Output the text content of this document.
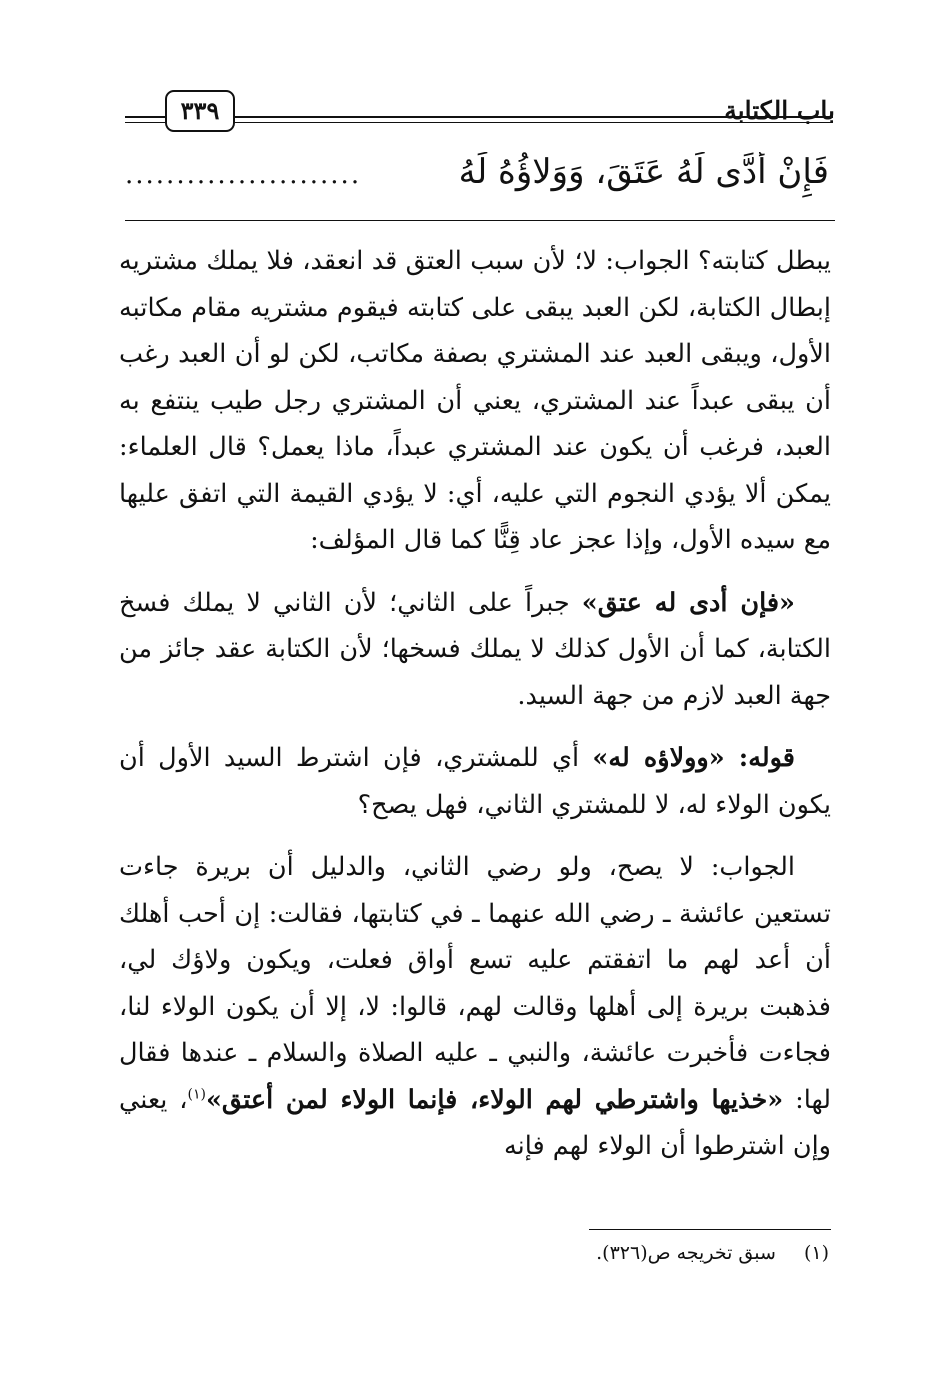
باب الكتابة
٣٣٩
فَإِنْ أَدَّى لَهُ عَتَقَ، وَوَلاؤُهُ لَهُ
.......................

يبطل كتابته؟ الجواب: لا؛ لأن سبب العتق قد انعقد، فلا يملك مشتريه إبطال الكتابة، لكن العبد يبقى على كتابته فيقوم مشتريه مقام مكاتبه الأول، ويبقى العبد عند المشتري بصفة مكاتب، لكن لو أن العبد رغب أن يبقى عبداً عند المشتري، يعني أن المشتري رجل طيب ينتفع به العبد، فرغب أن يكون عند المشتري عبداً، ماذا يعمل؟ قال العلماء: يمكن ألا يؤدي النجوم التي عليه، أي: لا يؤدي القيمة التي اتفق عليها مع سيده الأول، وإذا عجز عاد قِنًّا كما قال المؤلف:

«فإن أدى له عتق» جبراً على الثاني؛ لأن الثاني لا يملك فسخ الكتابة، كما أن الأول كذلك لا يملك فسخها؛ لأن الكتابة عقد جائز من جهة العبد لازم من جهة السيد.

قوله: «وولاؤه له» أي للمشتري، فإن اشترط السيد الأول أن يكون الولاء له، لا للمشتري الثاني، فهل يصح؟

الجواب: لا يصح، ولو رضي الثاني، والدليل أن بريرة جاءت تستعين عائشة ـ رضي الله عنهما ـ في كتابتها، فقالت: إن أحب أهلك أن أعد لهم ما اتفقتم عليه تسع أواق فعلت، ويكون ولاؤك لي، فذهبت بريرة إلى أهلها وقالت لهم، قالوا: لا، إلا أن يكون الولاء لنا، فجاءت فأخبرت عائشة، والنبي ـ عليه الصلاة والسلام ـ عندها فقال لها: «خذيها واشترطي لهم الولاء، فإنما الولاء لمن أعتق»$^{(١)}$، يعني وإن اشترطوا أن الولاء لهم فإنه

(١)سبق تخريجه ص(٣٢٦).
